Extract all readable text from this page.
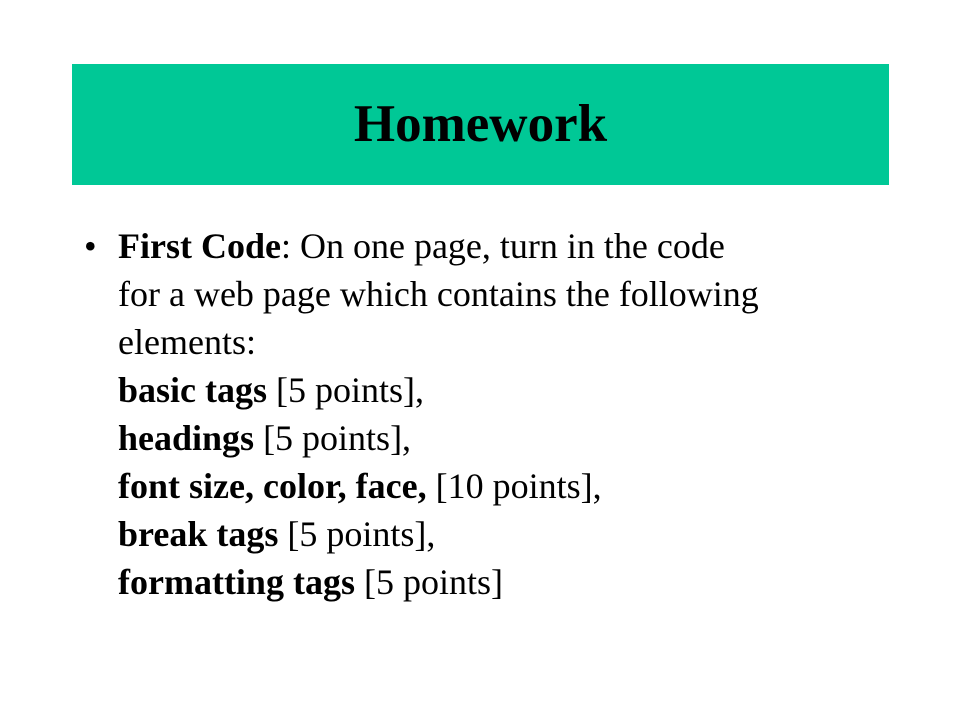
Homework
• First Code: On one page, turn in the code
for a web page which contains the following
elements:
basic tags [5 points],
headings [5 points],
font size, color, face, [10 points],
break tags [5 points],
formatting tags [5 points]
